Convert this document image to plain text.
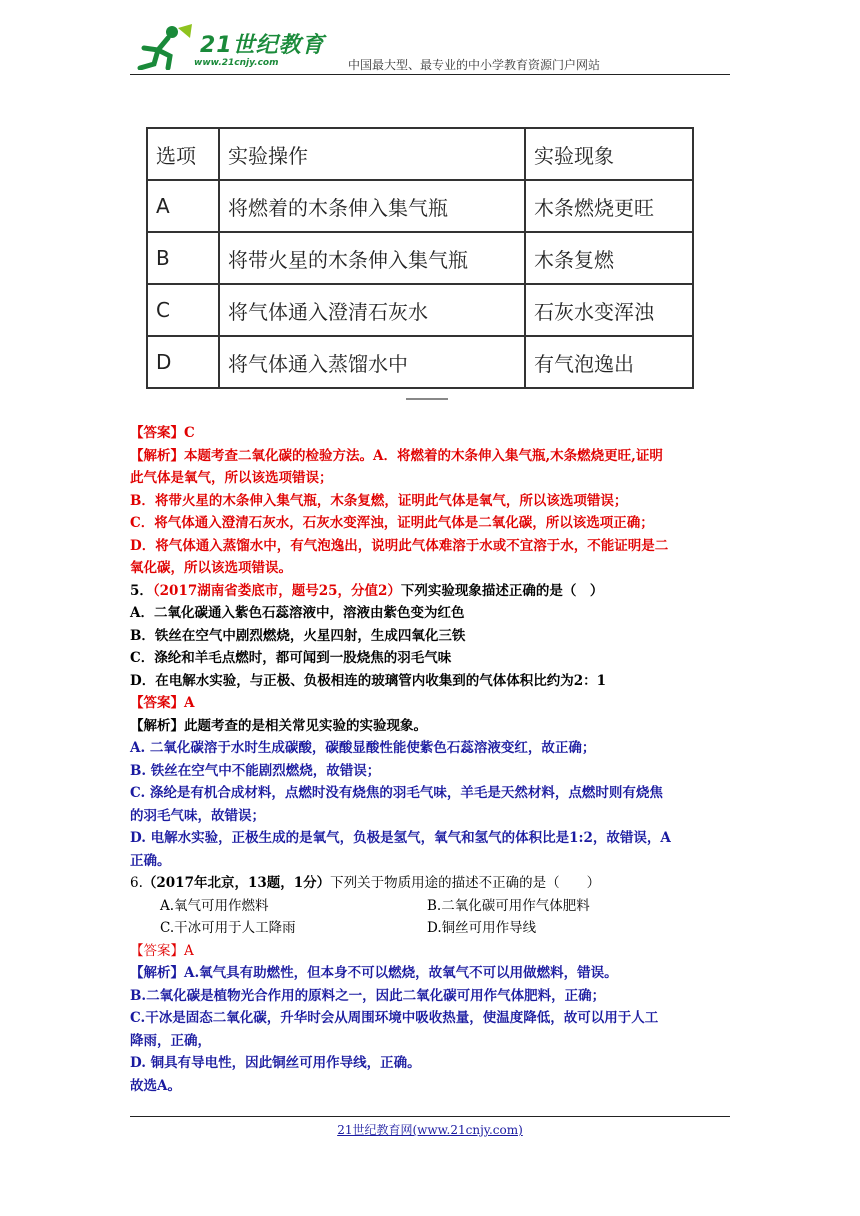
21世纪教育
www.21cnjy.com	中国最大型、最专业的中小学教育资源门户网站
选项	实验操作	实验现象
A	将燃着的木条伸入集气瓶	木条燃烧更旺
B	将带火星的木条伸入集气瓶	木条复燃
C	将气体通入澄清石灰水	石灰水变浑浊
D	将气体通入蒸馏水中	有气泡逸出
【答案】C
【解析】本题考查二氧化碳的检验方法。A．将燃着的木条伸入集气瓶,木条燃烧更旺,证明
此气体是氧气，所以该选项错误；
B．将带火星的木条伸入集气瓶，木条复燃，证明此气体是氧气，所以该选项错误；
C．将气体通入澄清石灰水，石灰水变浑浊，证明此气体是二氧化碳，所以该选项正确；
D．将气体通入蒸馏水中，有气泡逸出，说明此气体难溶于水或不宜溶于水，不能证明是二
氧化碳，所以该选项错误。
5．（2017湖南省娄底市，题号25，分值2）下列实验现象描述正确的是（　）
A．二氧化碳通入紫色石蕊溶液中，溶液由紫色变为红色
B．铁丝在空气中剧烈燃烧，火星四射，生成四氧化三铁
C．涤纶和羊毛点燃时，都可闻到一股烧焦的羽毛气味
D．在电解水实验，与正极、负极相连的玻璃管内收集到的气体体积比约为2：1
【答案】A
【解析】此题考查的是相关常见实验的实验现象。
A. 二氧化碳溶于水时生成碳酸，碳酸显酸性能使紫色石蕊溶液变红，故正确；
B. 铁丝在空气中不能剧烈燃烧，故错误；
C. 涤纶是有机合成材料，点燃时没有烧焦的羽毛气味，羊毛是天然材料，点燃时则有烧焦
的羽毛气味，故错误；
D. 电解水实验，正极生成的是氧气，负极是氢气，氧气和氢气的体积比是1:2，故错误，A
正确。
6.（2017年北京，13题，1分）下列关于物质用途的描述不正确的是（　　）
A.氧气可用作燃料	B.二氧化碳可用作气体肥料
C.干冰可用于人工降雨	D.铜丝可用作导线
【答案】A
【解析】A.氧气具有助燃性，但本身不可以燃烧，故氧气不可以用做燃料，错误。
B.二氧化碳是植物光合作用的原料之一，因此二氧化碳可用作气体肥料，正确；
C.干冰是固态二氧化碳，升华时会从周围环境中吸收热量，使温度降低，故可以用于人工
降雨，正确，
D. 铜具有导电性，因此铜丝可用作导线，正确。
故选A。
21世纪教育网(www.21cnjy.com)
